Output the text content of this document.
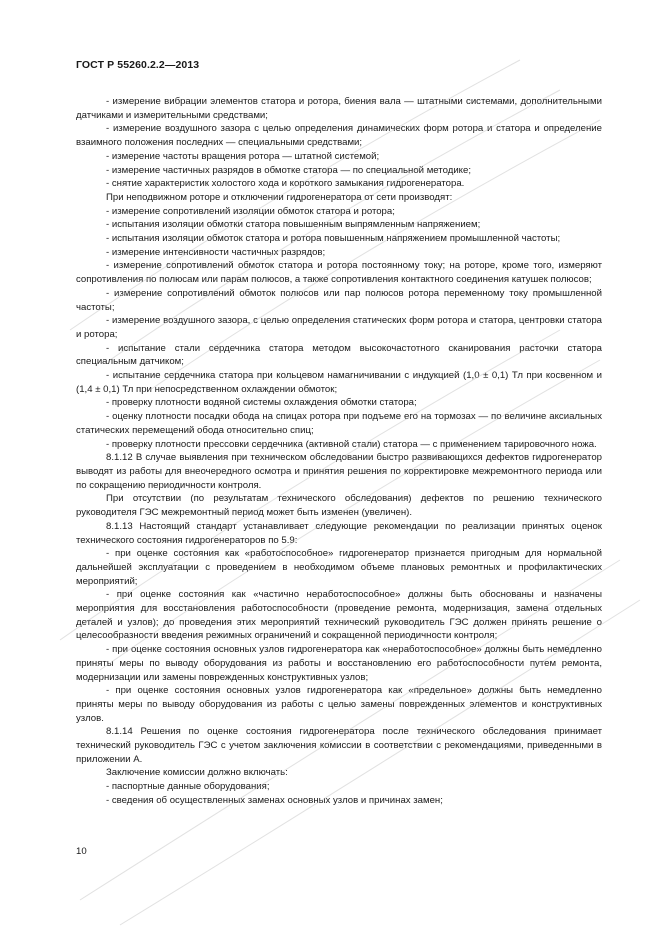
ГОСТ Р 55260.2.2—2013

- измерение вибрации элементов статора и ротора, биения вала — штатными системами, дополнительными датчиками и измерительными средствами;

- измерение воздушного зазора с целью определения динамических форм ротора и статора и определение взаимного положения последних — специальными средствами;

- измерение частоты вращения ротора — штатной системой;

- измерение частичных разрядов в обмотке статора — по специальной методике;

- снятие характеристик холостого хода и короткого замыкания гидрогенератора.

При неподвижном роторе и отключении гидрогенератора от сети производят:

- измерение сопротивлений изоляции обмоток статора и ротора;

- испытания изоляции обмотки статора повышенным выпрямленным напряжением;

- испытания изоляции обмоток статора и ротора повышенным напряжением промышленной частоты;

- измерение интенсивности частичных разрядов;

- измерение сопротивлений обмоток статора и ротора постоянному току; на роторе, кроме того, измеряют сопротивления по полюсам или парам полюсов, а также сопротивления контактного соединения катушек полюсов;

- измерение сопротивлений обмоток полюсов или пар полюсов ротора переменному току промышленной частоты;

- измерение воздушного зазора, с целью определения статических форм ротора и статора, центровки статора и ротора;

- испытание стали сердечника статора методом высокочастотного сканирования расточки статора специальным датчиком;

- испытание сердечника статора при кольцевом намагничивании с индукцией (1,0 ± 0,1) Тл при косвенном и (1,4 ± 0,1) Тл при непосредственном охлаждении обмоток;

- проверку плотности водяной системы охлаждения обмотки статора;

- оценку плотности посадки обода на спицах ротора при подъеме его на тормозах — по величине аксиальных статических перемещений обода относительно спиц;

- проверку плотности прессовки сердечника (активной стали) статора — с применением тарировочного ножа.

8.1.12 В случае выявления при техническом обследовании быстро развивающихся дефектов гидрогенератор выводят из работы для внеочередного осмотра и принятия решения по корректировке межремонтного периода или по сокращению периодичности контроля.

При отсутствии (по результатам технического обследования) дефектов по решению технического руководителя ГЭС межремонтный период может быть изменен (увеличен).

8.1.13 Настоящий стандарт устанавливает следующие рекомендации по реализации принятых оценок технического состояния гидрогенераторов по 5.9:

- при оценке состояния как «работоспособное» гидрогенератор признается пригодным для нормальной дальнейшей эксплуатации с проведением в необходимом объеме плановых ремонтных и профилактических мероприятий;

- при оценке состояния как «частично неработоспособное» должны быть обоснованы и назначены мероприятия для восстановления работоспособности (проведение ремонта, модернизация, замена отдельных деталей и узлов); до проведения этих мероприятий технический руководитель ГЭС должен принять решение о целесообразности введения режимных ограничений и сокращенной периодичности контроля;

- при оценке состояния основных узлов гидрогенератора как «неработоспособное» должны быть немедленно приняты меры по выводу оборудования из работы и восстановлению его работоспособности путем ремонта, модернизации или замены поврежденных конструктивных узлов;

- при оценке состояния основных узлов гидрогенератора как «предельное» должны быть немедленно приняты меры по выводу оборудования из работы с целью замены поврежденных элементов и конструктивных узлов.

8.1.14 Решения по оценке состояния гидрогенератора после технического обследования принимает технический руководитель ГЭС с учетом заключения комиссии в соответствии с рекомендациями, приведенными в приложении А.

Заключение комиссии должно включать:

- паспортные данные оборудования;

- сведения об осуществленных заменах основных узлов и причинах замен;

10
